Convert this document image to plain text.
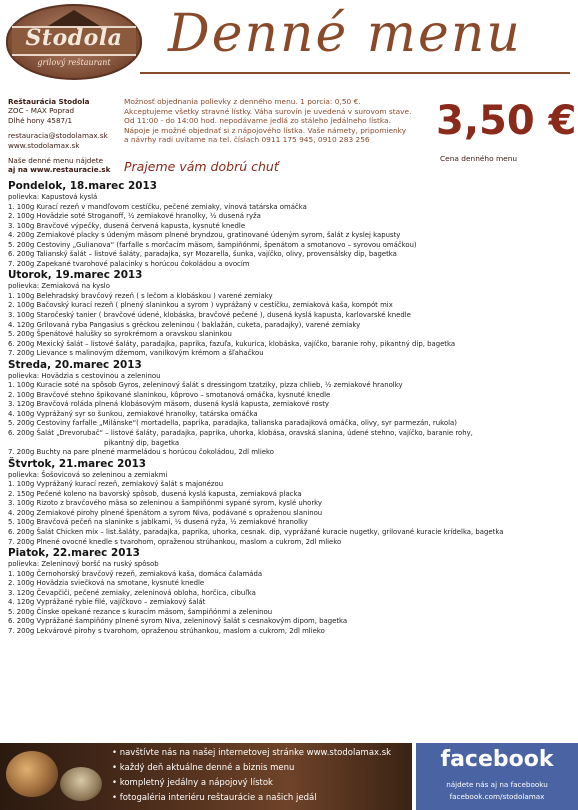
Stodola
grilový reštaurant	Denné menu
Reštaurácia Stodola
ZOC - MAX Poprad
Dlhé hony 4587/1
restauracia@stodolamax.sk
www.stodolamax.sk
Naše denné menu nájdete
aj na www.restauracie.sk
Možnosť objednania polievky z denného menu. 1 porcia: 0,50 €.
Akceptujeme všetky stravné lístky. Váha surovín je uvedená v surovom stave.
Od 11:00 - do 14:00 hod. nepodávame jedlá zo stáleho jedálneho lístka.
Nápoje je možné objednať si z nápojového lístka. Vaše námety, pripomienky
a návrhy radi uvítame na tel. číslach 0911 175 945, 0910 283 256	3,50 €
Cena denného menu
Prajeme vám dobrú chuť
Pondelok, 18.marec 2013
polievka: Kapustová kyslá
1. 100g Kurací rezeň v mandľovom cestíčku, pečené zemiaky, vínová tatárska omáčka
2. 100g Hovädzie soté Stroganoff, ½ zemiakové hranolky, ½ dusená ryža
3. 100g Bravčové výpečky, dusená červená kapusta, kysnuté knedle
4. 200g Zemiakové placky s údeným mäsom plnené bryndzou, gratinované údeným syrom, šalát z kyslej kapusty
5. 200g Cestoviny „Gulianova“ (farfalle s morčacím mäsom, šampiňónmi, špenátom a smotanovo – syrovou omáčkou)
6. 200g Talianský šalát – listové šaláty, paradajka, syr Mozarella, šunka, vajíčko, olivy, provensálsky dip, bagetka
7. 200g Zapekané tvarohové palacinky s horúcou čokoládou a ovocím
Utorok, 19.marec 2013
polievka: Zemiaková na kyslo
1. 100g Belehradský bravčový rezeň ( s lečom a klobáskou ) varené zemiaky
2. 100g Bačovský kurací rezeň ( plnený slaninkou a syrom ) vyprážaný v cestíčku, zemiaková kaša, kompót mix
3. 100g Staročeský tanier ( bravčové údené, klobáska, bravčové pečené ), dusená kyslá kapusta, karlovarské knedle
4. 120g Grilovaná ryba Pangasius s gréckou zeleninou ( baklažán, cuketa, paradajky), varené zemiaky
5. 200g Špenátové halušky so syrokrémom a oravskou slaninkou
6. 200g Mexický šalát – listové šaláty, paradajka, paprika, fazuľa, kukurica, klobáska, vajíčko, baranie rohy, pikantný dip, bagetka
7. 200g Lievance s malinovým džemom, vanilkovým krémom a šľahačkou
Streda, 20.marec 2013
polievka: Hovädzia s cestovinou a zeleninou
1. 100g Kuracie soté na spôsob Gyros, zeleninový šalát s dressingom tzatziky, pizza chlieb, ½ zemiakové hranolky
2. 100g Bravčové stehno špikované slaninkou, kôprovo – smotanová omáčka, kysnuté knedle
3. 120g Bravčová roláda plnená klobásovým mäsom, dusená kyslá kapusta, zemiakové rosty
4. 100g Vyprážaný syr so šunkou, zemiakové hranolky, tatárska omáčka
5. 200g Cestoviny farfalle „Milánske“( mortadella, paprika, paradajka, talianska paradajková omáčka, olivy, syr parmezán, rukola)
6. 200g Šalát „Drevorubač“ – listové šaláty, paradajka, paprika, uhorka, klobása, oravská slanina, údené stehno, vajíčko, baranie rohy,
pikantný dip, bagetka
7. 200g Buchty na pare plnené marmeládou s horúcou čokoládou, 2dl mlieko
Štvrtok, 21.marec 2013
polievka: Šošovicová so zeleninou a zemiakmi
1. 100g Vyprážaný kurací rezeň, zemiakový šalát s majonézou
2. 150g Pečené koleno na bavorský spôsob, dusená kyslá kapusta, zemiaková placka
3. 100g Rizoto z bravčového mäsa so zeleninou a šampiňónmi sypané syrom, kyslé uhorky
4. 200g Zemiakové pirohy plnené špenátom a syrom Niva, podávané s opraženou slaninou
5. 100g Bravčová pečeň na slaninke s jablkami, ½ dusená ryža, ½ zemiakové hranolky
6. 200g Šalát Chicken mix – list.šaláty, paradajka, paprika, uhorka, cesnak. dip, vyprážané kuracie nugetky, grilované kuracie krídelka, bagetka
7. 200g Plnené ovocné knedle s tvarohom, opraženou strúhankou, maslom a cukrom, 2dl mlieko
Piatok, 22.marec 2013
polievka: Zeleninový boršč na ruský spôsob
1. 100g Černohorský bravčový rezeň, zemiaková kaša, domáca čalamáda
2. 100g Hovädzia sviečková na smotane, kysnuté knedle
3. 120g Čevapčiči, pečené zemiaky, zeleninová obloha, horčica, cibuľka
4. 120g Vyprážané rybie filé, vajíčkovo – zemiakový šalát
5. 200g Čínske opekané rezance s kuracím mäsom, šampiňónmi a zeleninou
6. 200g Vyprážané šampiňóny plnené syrom Niva, zeleninový šalát s cesnakovým dipom, bagetka
7. 200g Lekvárové pirohy s tvarohom, opraženou strúhankou, maslom a cukrom, 2dl mlieko
• navštívte nás na našej internetovej stránke www.stodolamax.sk
• každý deň aktuálne denné a biznis menu
• kompletný jedálny a nápojový lístok
• fotogaléria interiéru reštaurácie a našich jedál
facebook
nájdete nás aj na facebooku
facebook.com/stodolamax
